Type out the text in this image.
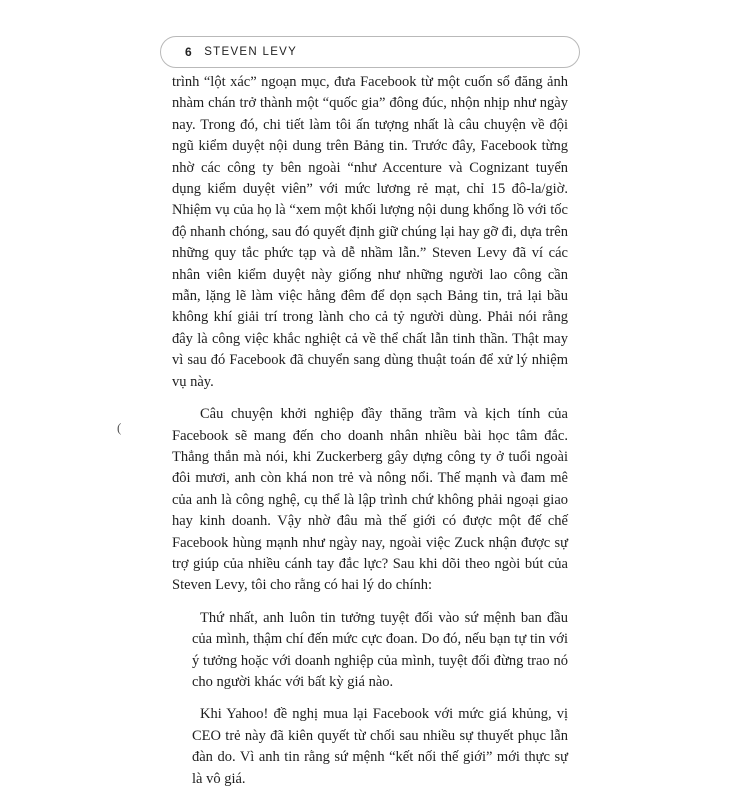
6 STEVEN LEVY
(

trình “lột xác” ngoạn mục, đưa Facebook từ một cuốn sổ đăng ảnh nhàm chán trở thành một “quốc gia” đông đúc, nhộn nhịp như ngày nay. Trong đó, chi tiết làm tôi ấn tượng nhất là câu chuyện về đội ngũ kiểm duyệt nội dung trên Bảng tin. Trước đây, Facebook từng nhờ các công ty bên ngoài “như Accenture và Cognizant tuyển dụng kiểm duyệt viên” với mức lương rẻ mạt, chỉ 15 đô-la/giờ. Nhiệm vụ của họ là “xem một khối lượng nội dung khổng lồ với tốc độ nhanh chóng, sau đó quyết định giữ chúng lại hay gỡ đi, dựa trên những quy tắc phức tạp và dễ nhầm lẫn.” Steven Levy đã ví các nhân viên kiểm duyệt này giống như những người lao công cần mẫn, lặng lẽ làm việc hằng đêm để dọn sạch Bảng tin, trả lại bầu không khí giải trí trong lành cho cả tỷ người dùng. Phải nói rằng đây là công việc khắc nghiệt cả về thể chất lẫn tinh thần. Thật may vì sau đó Facebook đã chuyển sang dùng thuật toán để xử lý nhiệm vụ này.

Câu chuyện khởi nghiệp đầy thăng trầm và kịch tính của Facebook sẽ mang đến cho doanh nhân nhiều bài học tâm đắc. Thẳng thắn mà nói, khi Zuckerberg gây dựng công ty ở tuổi ngoài đôi mươi, anh còn khá non trẻ và nông nổi. Thế mạnh và đam mê của anh là công nghệ, cụ thể là lập trình chứ không phải ngoại giao hay kinh doanh. Vậy nhờ đâu mà thế giới có được một đế chế Facebook hùng mạnh như ngày nay, ngoài việc Zuck nhận được sự trợ giúp của nhiều cánh tay đắc lực? Sau khi dõi theo ngòi bút của Steven Levy, tôi cho rằng có hai lý do chính:

Thứ nhất, anh luôn tin tưởng tuyệt đối vào sứ mệnh ban đầu của mình, thậm chí đến mức cực đoan. Do đó, nếu bạn tự tin với ý tưởng hoặc với doanh nghiệp của mình, tuyệt đối đừng trao nó cho người khác với bất kỳ giá nào.

Khi Yahoo! đề nghị mua lại Facebook với mức giá khủng, vị CEO trẻ này đã kiên quyết từ chối sau nhiều sự thuyết phục lẫn đàn do. Vì anh tin rằng sứ mệnh “kết nối thế giới” mới thực sự là vô giá.
